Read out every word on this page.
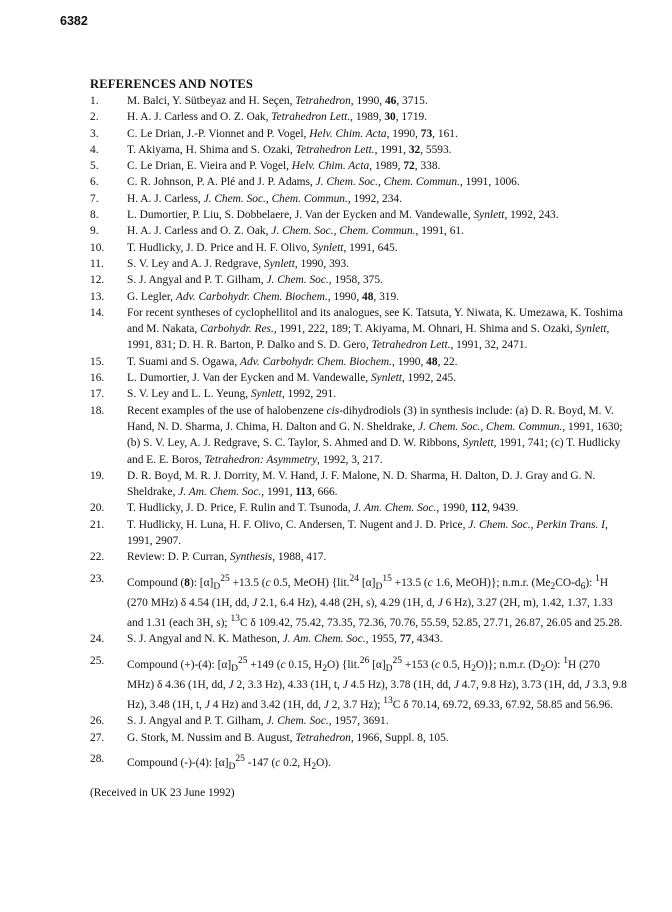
6382
REFERENCES AND NOTES
1.	M. Balci, Y. Sütbeyaz and H. Seçen, Tetrahedron, 1990, 46, 3715.
2.	H. A. J. Carless and O. Z. Oak, Tetrahedron Lett., 1989, 30, 1719.
3.	C. Le Drian, J.-P. Vionnet and P. Vogel, Helv. Chim. Acta, 1990, 73, 161.
4.	T. Akiyama, H. Shima and S. Ozaki, Tetrahedron Lett., 1991, 32, 5593.
5.	C. Le Drian, E. Vieira and P. Vogel, Helv. Chim. Acta, 1989, 72, 338.
6.	C. R. Johnson, P. A. Plé and J. P. Adams, J. Chem. Soc., Chem. Commun., 1991, 1006.
7.	H. A. J. Carless, J. Chem. Soc., Chem. Commun., 1992, 234.
8.	L. Dumortier, P. Liu, S. Dobbelaere, J. Van der Eycken and M. Vandewalle, Synlett, 1992, 243.
9.	H. A. J. Carless and O. Z. Oak, J. Chem. Soc., Chem. Commun., 1991, 61.
10.	T. Hudlicky, J. D. Price and H. F. Olivo, Synlett, 1991, 645.
11.	S. V. Ley and A. J. Redgrave, Synlett, 1990, 393.
12.	S. J. Angyal and P. T. Gilham, J. Chem. Soc., 1958, 375.
13.	G. Legler, Adv. Carbohydr. Chem. Biochem., 1990, 48, 319.
14.	For recent syntheses of cyclophellitol and its analogues, see K. Tatsuta, Y. Niwata, K. Umezawa, K. Toshima and M. Nakata, Carbohydr. Res., 1991, 222, 189; T. Akiyama, M. Ohnari, H. Shima and S. Ozaki, Synlett, 1991, 831; D. H. R. Barton, P. Dalko and S. D. Gero, Tetrahedron Lett., 1991, 32, 2471.
15.	T. Suami and S. Ogawa, Adv. Carbohydr. Chem. Biochem., 1990, 48, 22.
16.	L. Dumortier, J. Van der Eycken and M. Vandewalle, Synlett, 1992, 245.
17.	S. V. Ley and L. L. Yeung, Synlett, 1992, 291.
18.	Recent examples of the use of halobenzene cis-dihydrodiols (3) in synthesis include: (a) D. R. Boyd, M. V. Hand, N. D. Sharma, J. Chima, H. Dalton and G. N. Sheldrake, J. Chem. Soc., Chem. Commun., 1991, 1630; (b) S. V. Ley, A. J. Redgrave, S. C. Taylor, S. Ahmed and D. W. Ribbons, Synlett, 1991, 741; (c) T. Hudlicky and E. E. Boros, Tetrahedron: Asymmetry, 1992, 3, 217.
19.	D. R. Boyd, M. R. J. Dorrity, M. V. Hand, J. F. Malone, N. D. Sharma, H. Dalton, D. J. Gray and G. N. Sheldrake, J. Am. Chem. Soc., 1991, 113, 666.
20.	T. Hudlicky, J. D. Price, F. Rulin and T. Tsunoda, J. Am. Chem. Soc., 1990, 112, 9439.
21.	T. Hudlicky, H. Luna, H. F. Olivo, C. Andersen, T. Nugent and J. D. Price, J. Chem. Soc., Perkin Trans. I, 1991, 2907.
22.	Review: D. P. Curran, Synthesis, 1988, 417.
23.	Compound (8): $[\alpha]_D^{25} +13.5$ (c 0.5, MeOH) {lit.$^{24}$ $[\alpha]_D^{15} +13.5$ (c 1.6, MeOH)}; n.m.r. $(Me_2CO-d_6)$: $^1$H (270 MHz) δ 4.54 (1H, dd, J 2.1, 6.4 Hz), 4.48 (2H, s), 4.29 (1H, d, J 6 Hz), 3.27 (2H, m), 1.42, 1.37, 1.33 and 1.31 (each 3H, s); $^{13}$C δ 109.42, 75.42, 73.35, 72.36, 70.76, 55.59, 52.85, 27.71, 26.87, 26.05 and 25.28.
24.	S. J. Angyal and N. K. Matheson, J. Am. Chem. Soc., 1955, 77, 4343.
25.	Compound (+)-(4): $[\alpha]_D^{25} +149$ (c 0.15, $H_2O$) {lit.$^{26}$ $[\alpha]_D^{25} +153$ (c 0.5, $H_2O$)}; n.m.r. $(D_2O)$: $^1$H (270 MHz) δ 4.36 (1H, dd, J 2, 3.3 Hz), 4.33 (1H, t, J 4.5 Hz), 3.78 (1H, dd, J 4.7, 9.8 Hz), 3.73 (1H, dd, J 3.3, 9.8 Hz), 3.48 (1H, t, J 4 Hz) and 3.42 (1H, dd, J 2, 3.7 Hz); $^{13}$C δ 70.14, 69.72, 69.33, 67.92, 58.85 and 56.96.
26.	S. J. Angyal and P. T. Gilham, J. Chem. Soc., 1957, 3691.
27.	G. Stork, M. Nussim and B. August, Tetrahedron, 1966, Suppl. 8, 105.
28.	Compound (-)-(4): $[\alpha]_D^{25}$ -147 (c 0.2, $H_2O$).
(Received in UK 23 June 1992)
